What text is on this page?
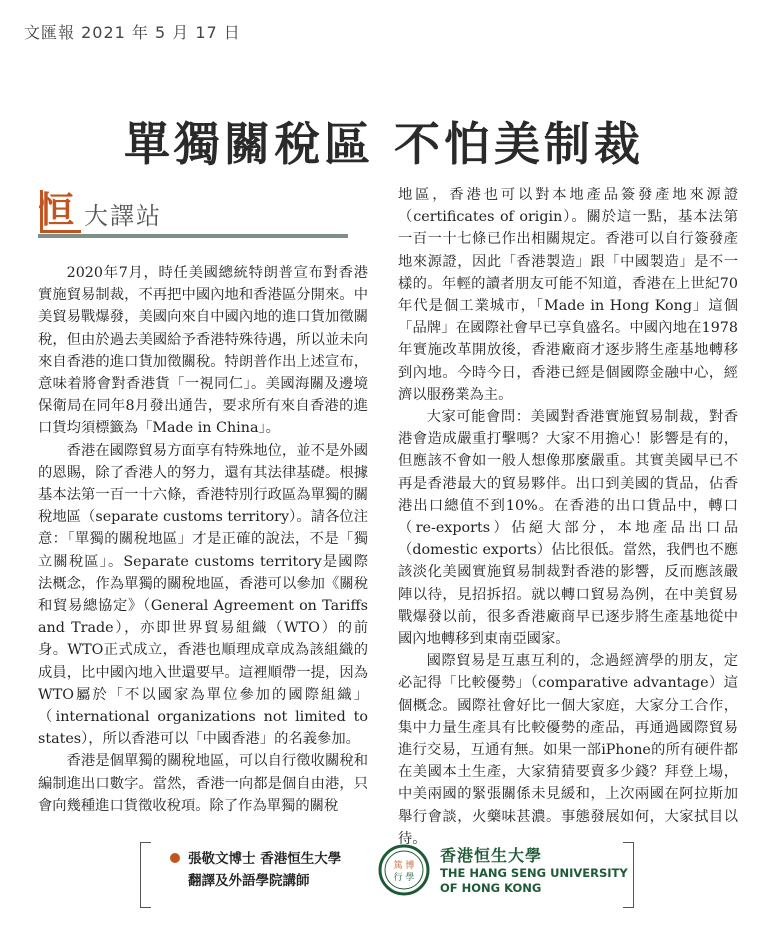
文匯報 2021 年 5 月 17 日
單獨關稅區 不怕美制裁
恒 大譯站

2020年7月，時任美國總統特朗普宣布對香港實施貿易制裁，不再把中國內地和香港區分開來。中美貿易戰爆發，美國向來自中國內地的進口貨加徵關稅，但由於過去美國給予香港特殊待遇，所以並未向來自香港的進口貨加徵關稅。特朗普作出上述宣布，意味着將會對香港貨「一視同仁」。美國海關及邊境保衛局在同年8月發出通告，要求所有來自香港的進口貨均須標籤為「Made in China」。

香港在國際貿易方面享有特殊地位，並不是外國的恩賜，除了香港人的努力，還有其法律基礎。根據基本法第一百一十六條，香港特別行政區為單獨的關稅地區（separate customs territory）。請各位注意：「單獨的關稅地區」才是正確的說法，不是「獨立關稅區」。Separate customs territory是國際法概念，作為單獨的關稅地區，香港可以參加《關稅和貿易總協定》（General Agreement on Tariffs and Trade），亦即世界貿易組織（WTO）的前身。WTO正式成立，香港也順理成章成為該組織的成員，比中國內地入世還要早。這裡順帶一提，因為WTO屬於「不以國家為單位參加的國際組織」（international organizations not limited to states），所以香港可以「中國香港」的名義參加。

香港是個單獨的關稅地區，可以自行徵收關稅和編制進出口數字。當然，香港一向都是個自由港，只會向幾種進口貨徵收稅項。除了作為單獨的關稅

地區，香港也可以對本地產品簽發產地來源證（certificates of origin）。關於這一點，基本法第一百一十七條已作出相關規定。香港可以自行簽發產地來源證，因此「香港製造」跟「中國製造」是不一樣的。年輕的讀者朋友可能不知道，香港在上世紀70年代是個工業城市，「Made in Hong Kong」這個「品牌」在國際社會早已享負盛名。中國內地在1978年實施改革開放後，香港廠商才逐步將生產基地轉移到內地。今時今日，香港已經是個國際金融中心，經濟以服務業為主。

大家可能會問：美國對香港實施貿易制裁，對香港會造成嚴重打擊嗎？大家不用擔心！影響是有的，但應該不會如一般人想像那麼嚴重。其實美國早已不再是香港最大的貿易夥伴。出口到美國的貨品，佔香港出口總值不到10%。在香港的出口貨品中，轉口（re-exports）佔絕大部分，本地產品出口品（domestic exports）佔比很低。當然，我們也不應該淡化美國實施貿易制裁對香港的影響，反而應該嚴陣以待，見招拆招。就以轉口貿易為例，在中美貿易戰爆發以前，很多香港廠商早已逐步將生產基地從中國內地轉移到東南亞國家。

國際貿易是互惠互利的，念過經濟學的朋友，定必記得「比較優勢」（comparative advantage）這個概念。國際社會好比一個大家庭，大家分工合作，集中力量生產具有比較優勢的產品，再通過國際貿易進行交易，互通有無。如果一部iPhone的所有硬件都在美國本土生產，大家猜猜要賣多少錢？拜登上場，中美兩國的緊張關係未見緩和，上次兩國在阿拉斯加舉行會談，火藥味甚濃。事態發展如何，大家拭目以待。

張敬文博士 香港恒生大學
翻譯及外語學院講師
篤 博
行 學
香港恒生大學
THE HANG SENG UNIVERSITY
OF HONG KONG
